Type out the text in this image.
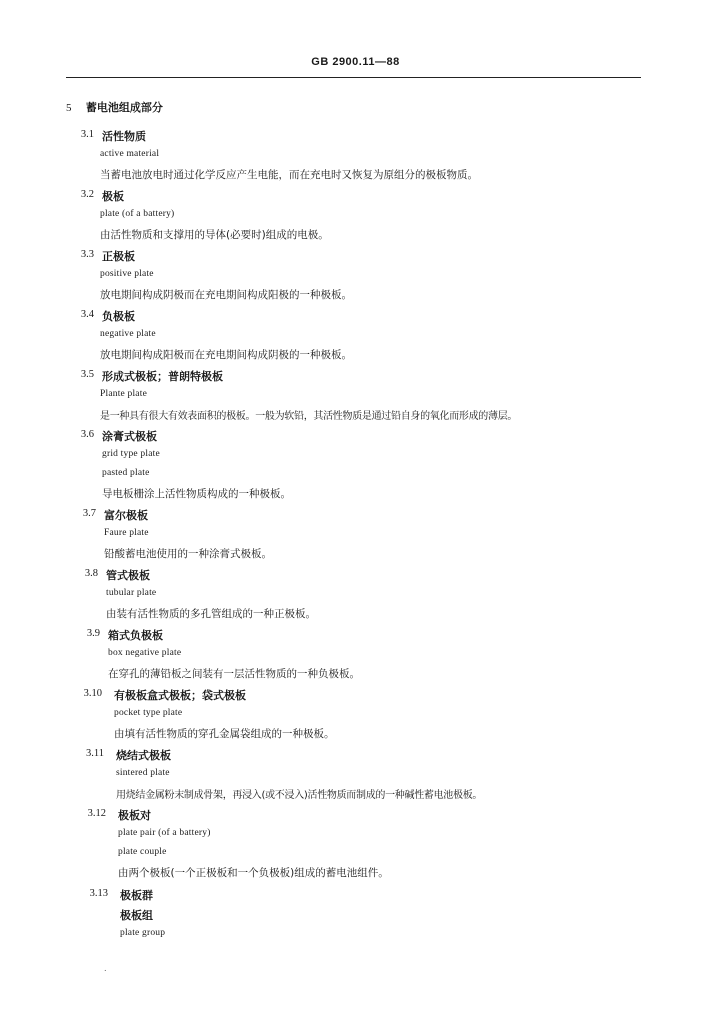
GB 2900.11—88
5 蓄电池组成部分
3.1 活性物质
active material
当蓄电池放电时通过化学反应产生电能，而在充电时又恢复为原组分的极板物质。
3.2 极板
plate (of a battery)
由活性物质和支撑用的导体(必要时)组成的电极。
3.3 正极板
positive plate
放电期间构成阴极而在充电期间构成阳极的一种极板。
3.4 负极板
negative plate
放电期间构成阳极而在充电期间构成阴极的一种极板。
3.5 形成式极板；普朗特极板
Plante plate
是一种具有很大有效表面积的极板。一般为软铅，其活性物质是通过铅自身的氧化而形成的薄层。
3.6 涂膏式极板
grid type plate
pasted plate
导电板栅涂上活性物质构成的一种极板。
3.7 富尔极板
Faure plate
铅酸蓄电池使用的一种涂膏式极板。
3.8 管式极板
tubular plate
由装有活性物质的多孔管组成的一种正极板。
3.9 箱式负极板
box negative plate
在穿孔的薄铅板之间装有一层活性物质的一种负极板。
3.10 有极板盒式极板；袋式极板
pocket type plate
由填有活性物质的穿孔金属袋组成的一种极板。
3.11 烧结式极板
sintered plate
用烧结金属粉末制成骨架，再浸入(或不浸入)活性物质而制成的一种碱性蓄电池极板。
3.12 极板对
plate pair (of a battery)
plate couple
由两个极板(一个正极板和一个负极板)组成的蓄电池组件。
3.13 极板群
极板组
plate group
.
